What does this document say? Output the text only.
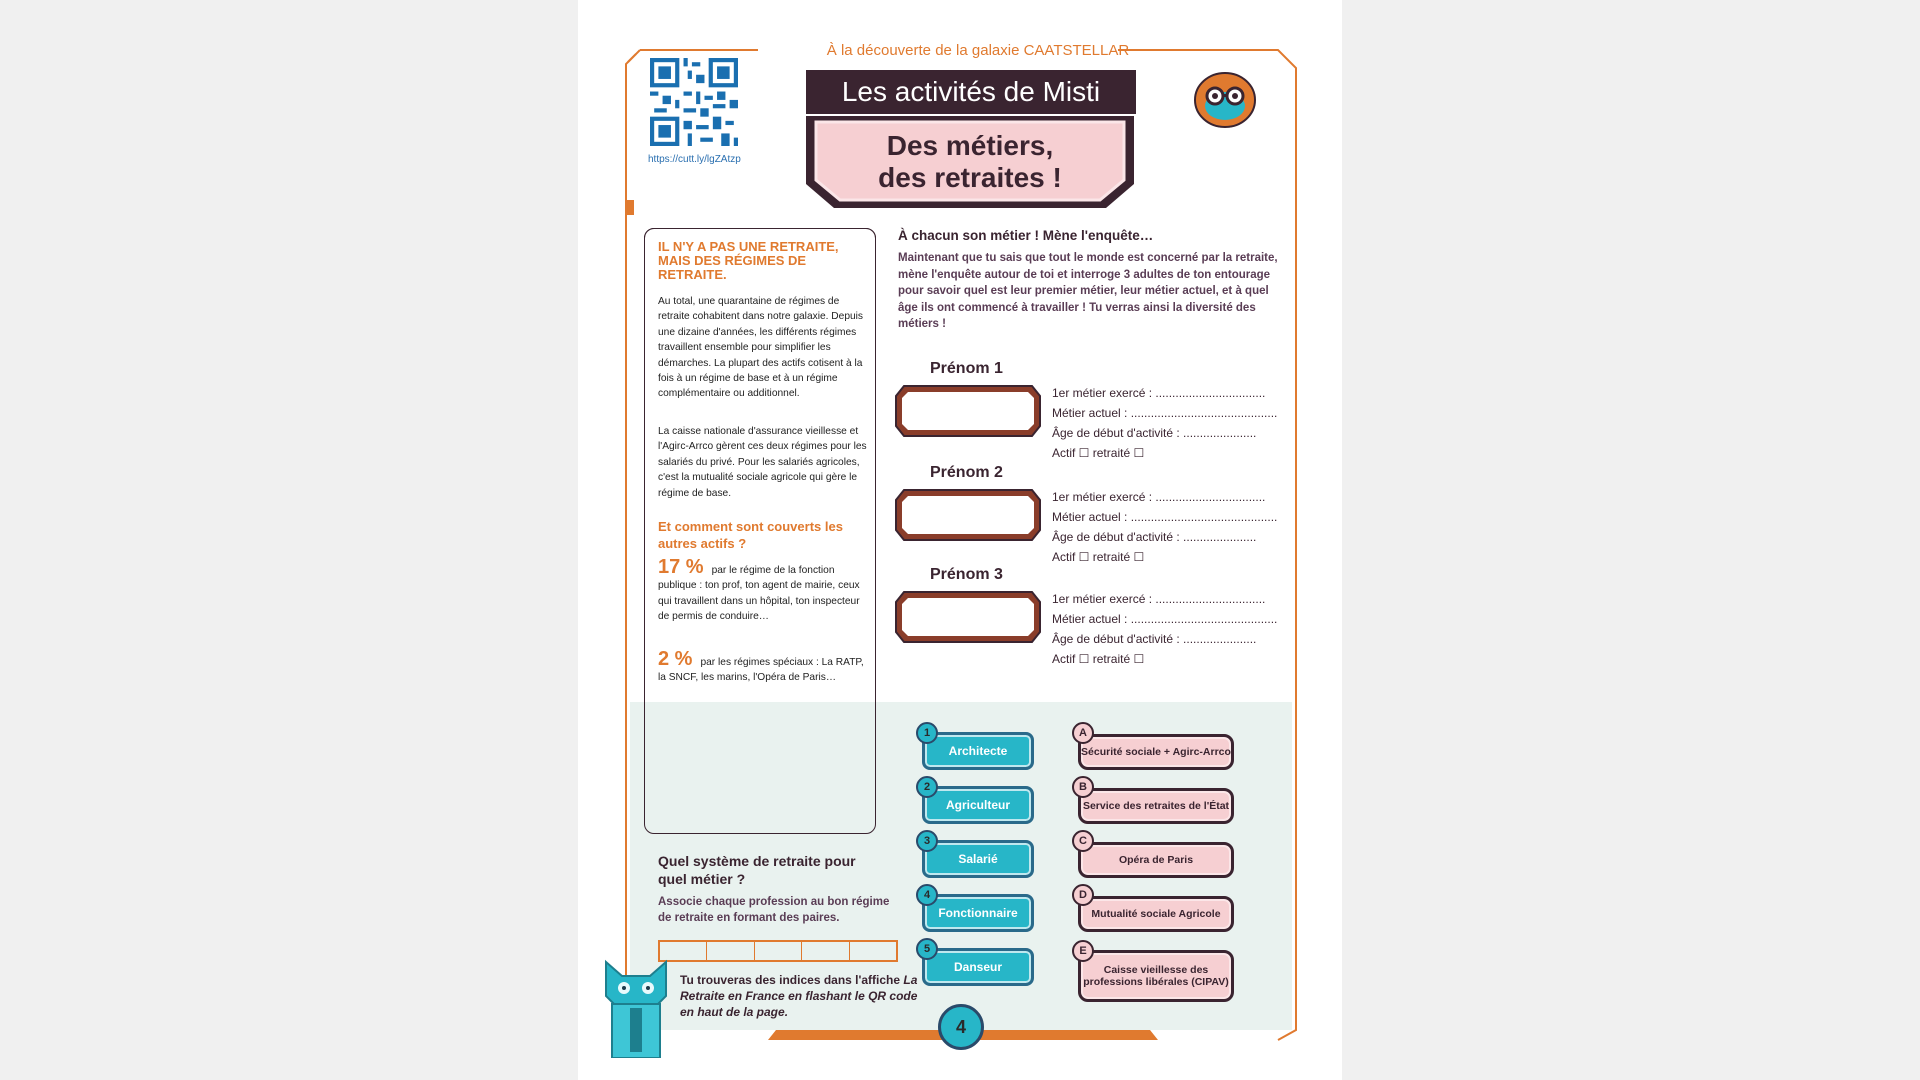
À la découverte de la galaxie CAATSTELLAR
https://cutt.ly/lgZAtzp
Les activités de Misti
Des métiers,
des retraites !
IL N'Y A PAS UNE RETRAITE, MAIS DES RÉGIMES DE RETRAITE.
Au total, une quarantaine de régimes de retraite cohabitent dans notre galaxie. Depuis une dizaine d'années, les différents régimes travaillent ensemble pour simplifier les démarches. La plupart des actifs cotisent à la fois à un régime de base et à un régime complémentaire ou additionnel.
La caisse nationale d'assurance vieillesse et l'Agirc-Arrco gèrent ces deux régimes pour les salariés du privé. Pour les salariés agricoles, c'est la mutualité sociale agricole qui gère le régime de base.
Et comment sont couverts les autres actifs ?
17 % par le régime de la fonction publique : ton prof, ton agent de mairie, ceux qui travaillent dans un hôpital, ton inspecteur de permis de conduire…
2 % par les régimes spéciaux : La RATP, la SNCF, les marins, l'Opéra de Paris…
À chacun son métier ! Mène l'enquête…
Maintenant que tu sais que tout le monde est concerné par la retraite, mène l'enquête autour de toi et interroge 3 adultes de ton entourage pour savoir quel est leur premier métier, leur métier actuel, et à quel âge ils ont commencé à travailler ! Tu verras ainsi la diversité des métiers !
Prénom 1
1er métier exercé : .................................
Métier actuel : ............................................
Âge de début d'activité : ......................
Actif ☐ retraité ☐
Prénom 2
1er métier exercé : .................................
Métier actuel : ............................................
Âge de début d'activité : ......................
Actif ☐ retraité ☐
Prénom 3
1er métier exercé : .................................
Métier actuel : ............................................
Âge de début d'activité : ......................
Actif ☐ retraité ☐
Architecte
1
Agriculteur
2
Salarié
3
Fonctionnaire
4
Danseur
5
Sécurité sociale + Agirc-Arrco
A
Service des retraites de l'État
B
Opéra de Paris
C
Mutualité sociale Agricole
D
Caisse vieillesse des professions libérales (CIPAV)
E
Quel système de retraite pour quel métier ?
Associe chaque profession au bon régime de retraite en formant des paires.
Tu trouveras des indices dans l'affiche La Retraite en France en flashant le QR code en haut de la page.
4
